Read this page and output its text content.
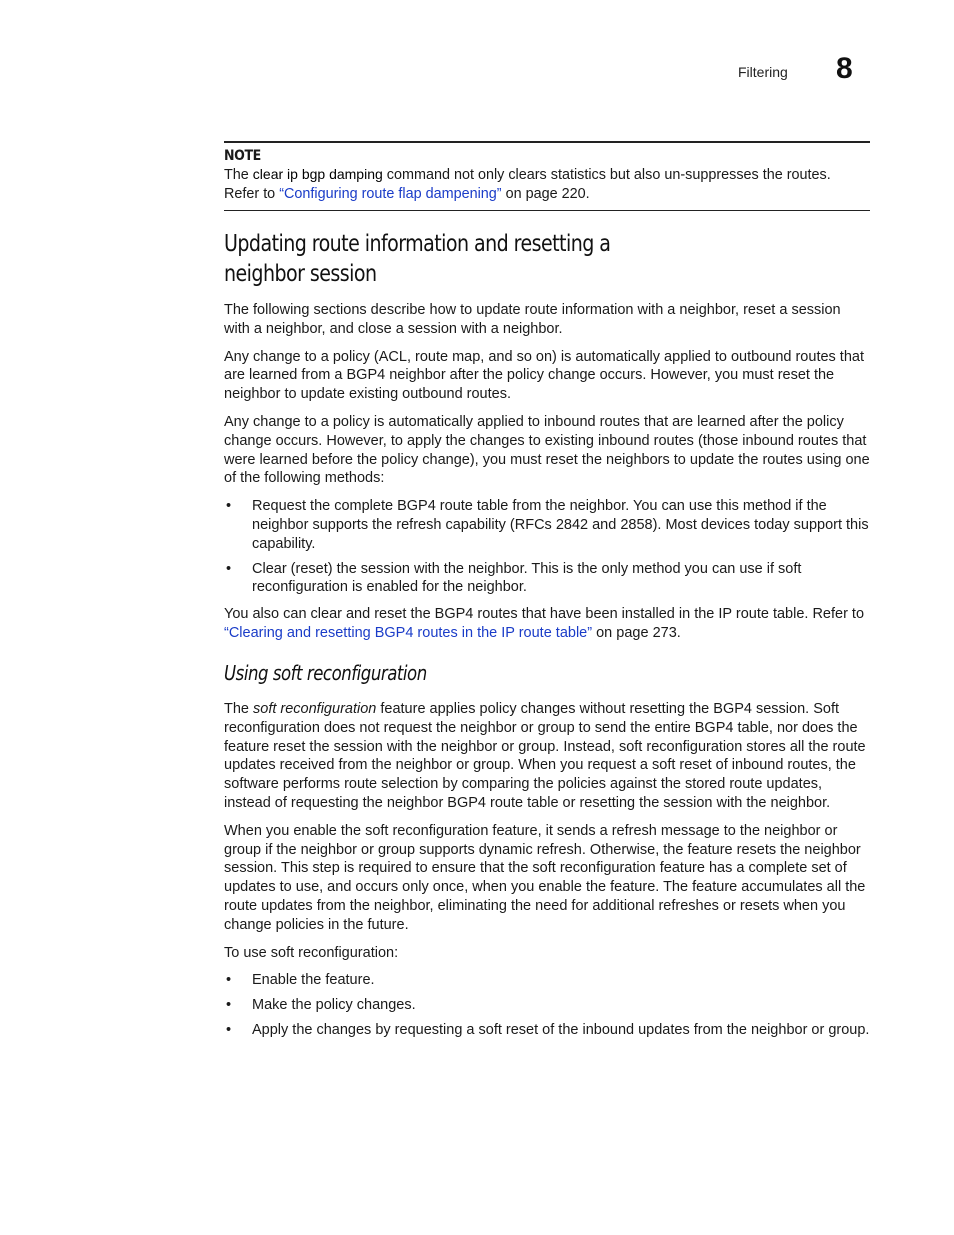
Filtering 8
NOTE
The clear ip bgp damping command not only clears statistics but also un-suppresses the routes.
Refer to “Configuring route flap dampening” on page 220.
Updating route information and resetting a
neighbor session

The following sections describe how to update route information with a neighbor, reset a session with a neighbor, and close a session with a neighbor.

Any change to a policy (ACL, route map, and so on) is automatically applied to outbound routes that are learned from a BGP4 neighbor after the policy change occurs. However, you must reset the neighbor to update existing outbound routes.

Any change to a policy is automatically applied to inbound routes that are learned after the policy change occurs. However, to apply the changes to existing inbound routes (those inbound routes that were learned before the policy change), you must reset the neighbors to update the routes using one of the following methods:

• Request the complete BGP4 route table from the neighbor. You can use this method if the neighbor supports the refresh capability (RFCs 2842 and 2858). Most devices today support this capability.
• Clear (reset) the session with the neighbor. This is the only method you can use if soft reconfiguration is enabled for the neighbor.

You also can clear and reset the BGP4 routes that have been installed in the IP route table. Refer to “Clearing and resetting BGP4 routes in the IP route table” on page 273.

Using soft reconfiguration

The soft reconfiguration feature applies policy changes without resetting the BGP4 session. Soft reconfiguration does not request the neighbor or group to send the entire BGP4 table, nor does the feature reset the session with the neighbor or group. Instead, soft reconfiguration stores all the route updates received from the neighbor or group. When you request a soft reset of inbound routes, the software performs route selection by comparing the policies against the stored route updates, instead of requesting the neighbor BGP4 route table or resetting the session with the neighbor.

When you enable the soft reconfiguration feature, it sends a refresh message to the neighbor or group if the neighbor or group supports dynamic refresh. Otherwise, the feature resets the neighbor session. This step is required to ensure that the soft reconfiguration feature has a complete set of updates to use, and occurs only once, when you enable the feature. The feature accumulates all the route updates from the neighbor, eliminating the need for additional refreshes or resets when you change policies in the future.

To use soft reconfiguration:

• Enable the feature.
• Make the policy changes.
• Apply the changes by requesting a soft reset of the inbound updates from the neighbor or group.
